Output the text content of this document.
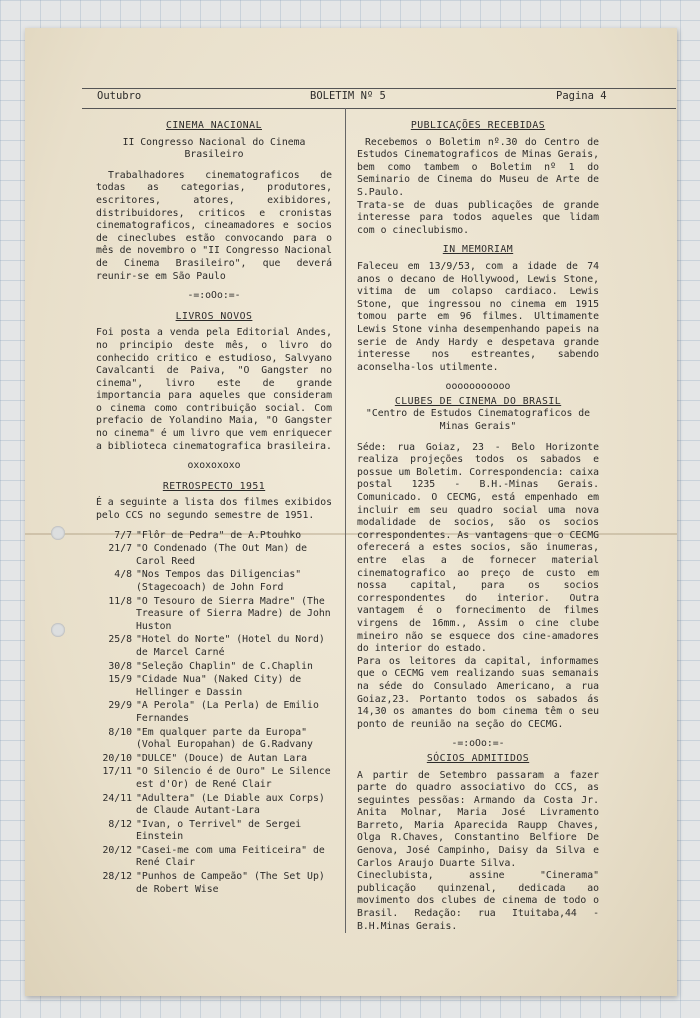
Outubro	BOLETIM Nº 5	Pagina 4
CINEMA NACIONAL
II Congresso Nacional do Cinema Brasileiro

Trabalhadores cinematograficos de todas as categorias, produtores, escritores, atores, exibidores, distribuidores, criticos e cronistas cinematograficos, cineamadores e socios de cineclubes estão convocando para o mês de novembro o "II Congresso Nacional de Cinema Brasileiro", que deverá reunir-se em São Paulo

-=:oOo:=-
LIVROS NOVOS

Foi posta a venda pela Editorial Andes, no principio deste mês, o livro do conhecido critico e estudioso, Salvyano Cavalcanti de Paiva, "O Gangster no cinema", livro este de grande importancia para aqueles que consideram o cinema como contribuição social. Com prefacio de Yolandino Maia, "O Gangster no cinema" é um livro que vem enriquecer a biblioteca cinematografica brasileira.

oxoxoxoxo
RETROSPECTO 1951

É a seguinte a lista dos filmes exibidos pelo CCS no segundo semestre de 1951.

7/7 "Flôr de Pedra" de A.Ptouhko
21/7 "O Condenado (The Out Man) de Carol Reed
4/8 "Nos Tempos das Diligencias" (Stagecoach) de John Ford
11/8 "O Tesouro de Sierra Madre" (The Treasure of Sierra Madre) de John Huston
25/8 "Hotel do Norte" (Hotel du Nord) de Marcel Carné
30/8 "Seleção Chaplin" de C.Chaplin
15/9 "Cidade Nua" (Naked City) de Hellinger e Dassin
29/9 "A Perola" (La Perla) de Emilio Fernandes
8/10 "Em qualquer parte da Europa" (Vohal Europahan) de G.Radvany
20/10 "DULCE" (Douce) de Autan Lara
17/11 "O Silencio é de Ouro" Le Silence est d'Or) de René Clair
24/11 "Adultera" (Le Diable aux Corps) de Claude Autant-Lara
8/12 "Ivan, o Terrivel" de Sergei Einstein
20/12 "Casei-me com uma Feiticeira" de René Clair
28/12 "Punhos de Campeão" (The Set Up) de Robert Wise
PUBLICAÇÕES RECEBIDAS

Recebemos o Boletim nº.30 do Centro de Estudos Cinematograficos de Minas Gerais, bem como tambem o Boletim nº 1 do Seminario de Cinema do Museu de Arte de S.Paulo.

Trata-se de duas publicações de grande interesse para todos aqueles que lidam com o cineclubismo.

IN MEMORIAM

Faleceu em 13/9/53, com a idade de 74 anos o decano de Hollywood, Lewis Stone, vitima de um colapso cardiaco. Lewis Stone, que ingressou no cinema em 1915 tomou parte em 96 filmes. Ultimamente Lewis Stone vinha desempenhando papeis na serie de Andy Hardy e despetava grande interesse nos estreantes, sabendo aconselha-los utilmente.

ooooooooooo
CLUBES DE CINEMA DO BRASIL
"Centro de Estudos Cinematograficos de Minas Gerais"

Séde: rua Goiaz, 23 - Belo Horizonte realiza projeções todos os sabados e possue um Boletim. Correspondencia: caixa postal 1235 - B.H.-Minas Gerais. Comunicado. O CECMG, está empenhado em incluir em seu quadro social uma nova modalidade de socios, são os socios correspondentes. As vantagens que o CECMG oferecerá a estes socios, são inumeras, entre elas a de fornecer material cinematografico ao preço de custo em nossa capital, para os socios correspondentes do interior. Outra vantagem é o fornecimento de filmes virgens de 16mm., Assim o cine clube mineiro não se esquece dos cine-amadores do interior do estado.

Para os leitores da capital, informames que o CECMG vem realizando suas semanais na séde do Consulado Americano, a rua Goiaz,23. Portanto todos os sabados ás 14,30 os amantes do bom cinema têm o seu ponto de reunião na seção do CECMG.

-=:oOo:=-
SÓCIOS ADMITIDOS

A partir de Setembro passaram a fazer parte do quadro associativo do CCS, as seguintes pessõas: Armando da Costa Jr. Anita Molnar, Maria José Livramento Barreto, Maria Aparecida Raupp Chaves, Olga R.Chaves, Constantino Belfiore De Genova, José Campinho, Daisy da Silva e Carlos Araujo Duarte Silva.

Cineclubista, assine "Cinerama" publicação quinzenal, dedicada ao movimento dos clubes de cinema de todo o Brasil. Redação: rua Ituitaba,44 - B.H.Minas Gerais.
